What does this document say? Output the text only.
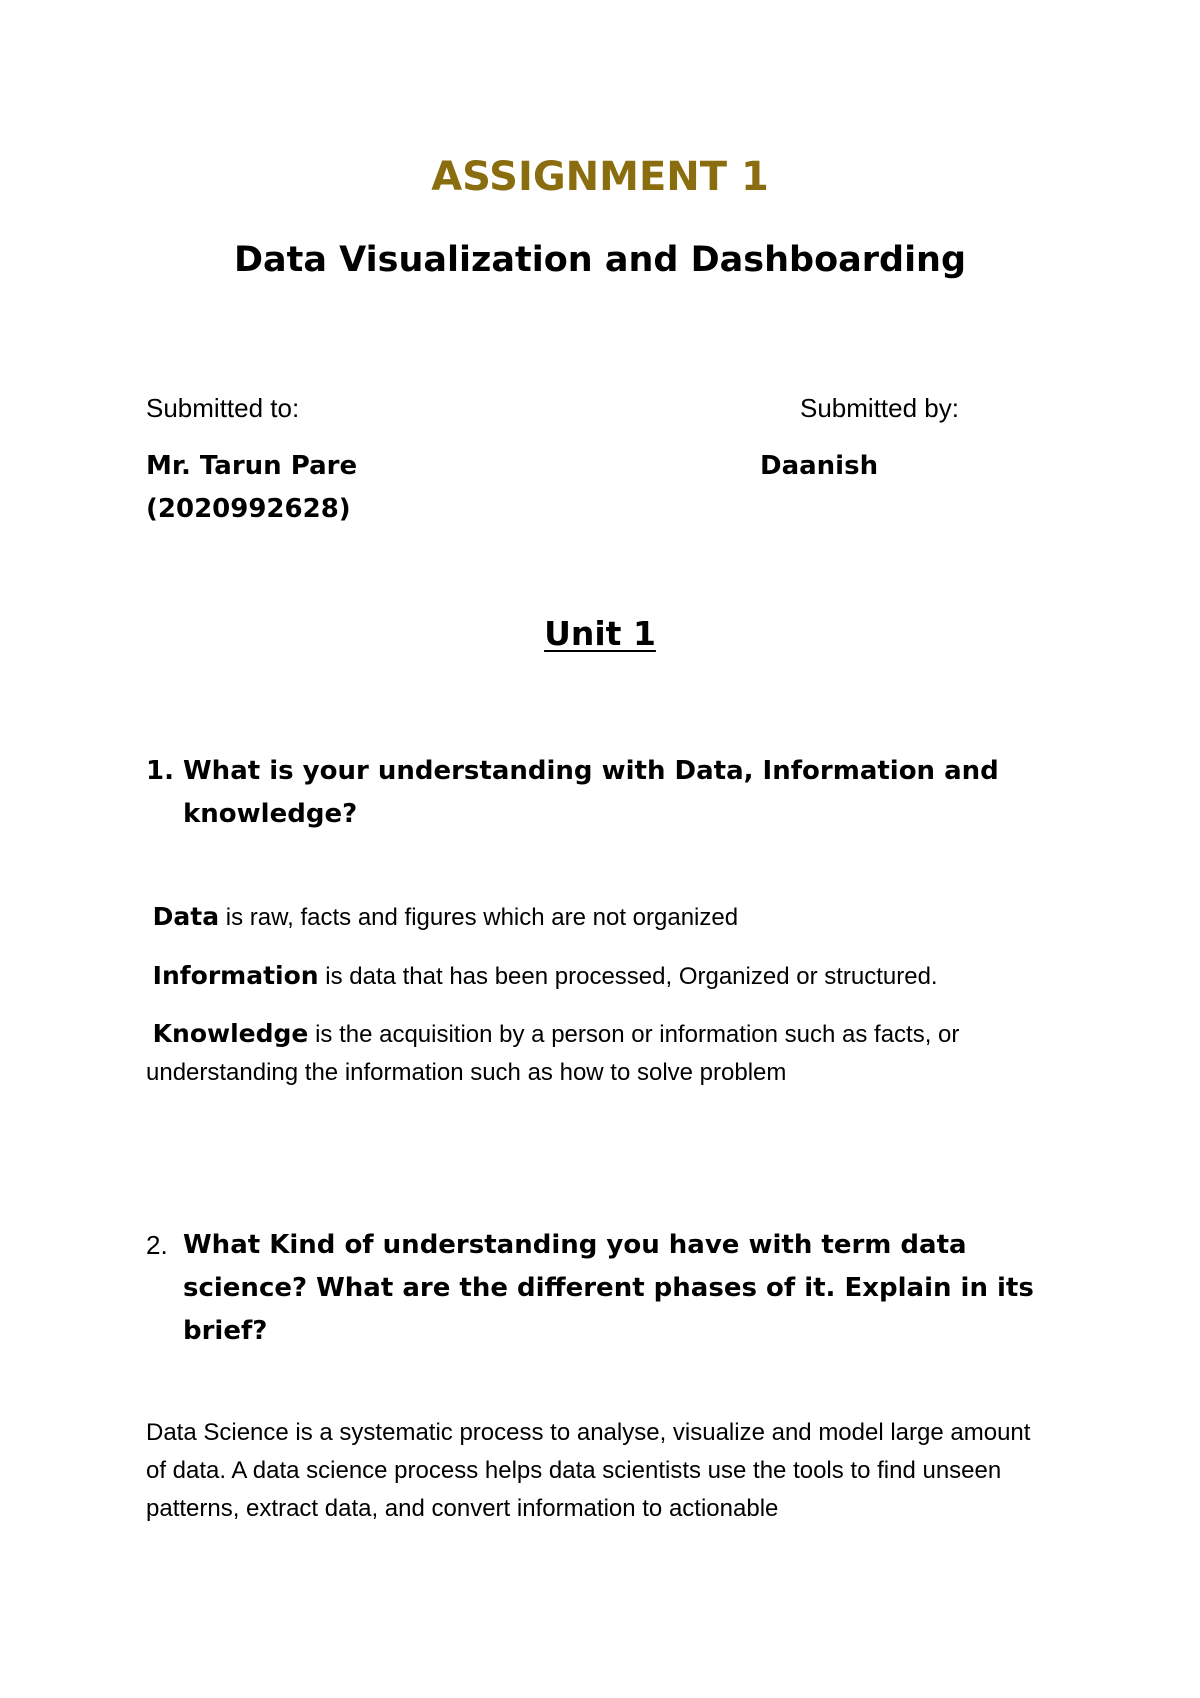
ASSIGNMENT 1
Data Visualization and Dashboarding
Submitted to:	Submitted by:
Mr. Tarun Pare	Daanish
(2020992628)
Unit 1
1. What is your understanding with Data, Information and knowledge?
Data is raw, facts and figures which are not organized
Information is data that has been processed, Organized or structured.
Knowledge is the acquisition by a person or information such as facts, or understanding the information such as how to solve problem
2. What Kind of understanding you have with term data science? What are the different phases of it. Explain in its brief?

Data Science is a systematic process to analyse, visualize and model large amount of data. A data science process helps data scientists use the tools to find unseen patterns, extract data, and convert information to actionable
